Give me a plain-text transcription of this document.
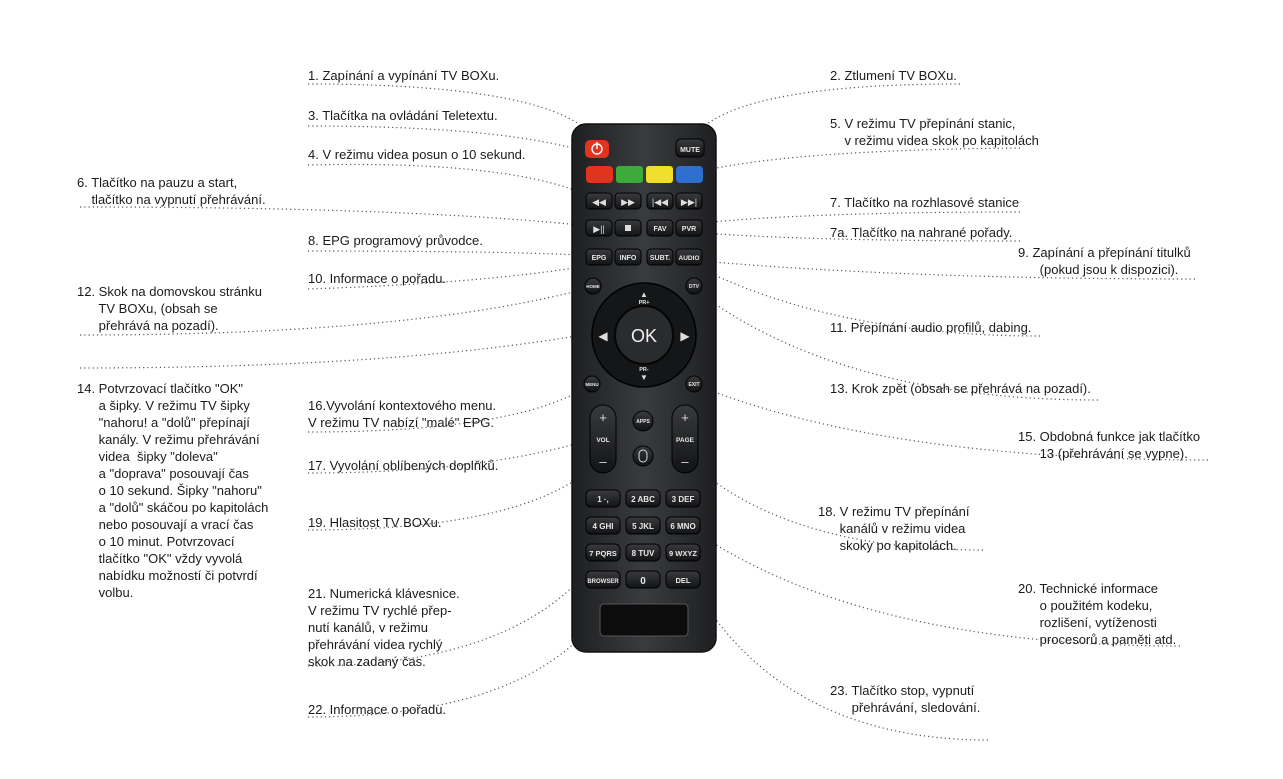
MUTE
◀◀ ▶▶ |◀◀ ▶▶|
▶||	FAV PVR
EPG INFO SUBT. AUDIO
HOME	DTV
OK
▲
PR+
PR-
▼
◀	▶
MENU	EXIT
+
VOL
–
+
PAGE
–
APPS
1 ·,	2 ABC 3 DEF
4 GHI 5 JKL 6 MNO
7 PQRS 8 TUV 9 WXYZ
BROWSER 0	DEL
1. Zapínání a vypínání TV BOXu.	2. Ztlumení TV BOXu.
3. Tlačítka na ovládání Teletextu.
4. V režimu videa posun o 10 sekund.
5. V režimu TV přepínání stanic,
v režimu videa skok po kapitolách
6. Tlačítko na pauzu a start,
tlačítko na vypnutí přehrávání.	7. Tlačítko na rozhlasové stanice
7a. Tlačítko na nahrané pořady.
8. EPG programový průvodce.
9. Zapínání a přepínání titulků
(pokud jsou k dispozici).
10. Informace o pořadu.
11. Přepínání audio profilů, dabing.
12. Skok na domovskou stránku
TV BOXu, (obsah se
přehrává na pozadí).
13. Krok zpět (obsah se přehrává na pozadí).
14. Potvrzovací tlačítko "OK"
a šipky. V režimu TV šipky
"nahoru! a "dolů" přepínají
kanály. V režimu přehrávání
videa  šipky "doleva"
a "doprava" posouvají čas
o 10 sekund. Šipky "nahoru"
a "dolů" skáčou po kapitolách
nebo posouvají a vrací čas
o 10 minut. Potvrzovací
tlačítko "OK" vždy vyvolá
nabídku možností či potvrdí
volbu.
15. Obdobná funkce jak tlačítko
13 (přehrávání se vypne).
16.Vyvolání kontextového menu.
V režimu TV nabízí "malé" EPG.
17. Vyvolání oblíbených doplňků.
18. V režimu TV přepínání
kanálů v režimu videa
skoky po kapitolách.
19. Hlasitost TV BOXu.
20. Technické informace
o použitém kodeku,
rozlišení, vytíženosti
procesorů a paměti atd.
21. Numerická klávesnice.
V režimu TV rychlé přep-
nutí kanálů, v režimu
přehrávání videa rychlý
skok na zadaný čas.
22. Informace o pořadu.
23. Tlačítko stop, vypnutí
přehrávání, sledování.
